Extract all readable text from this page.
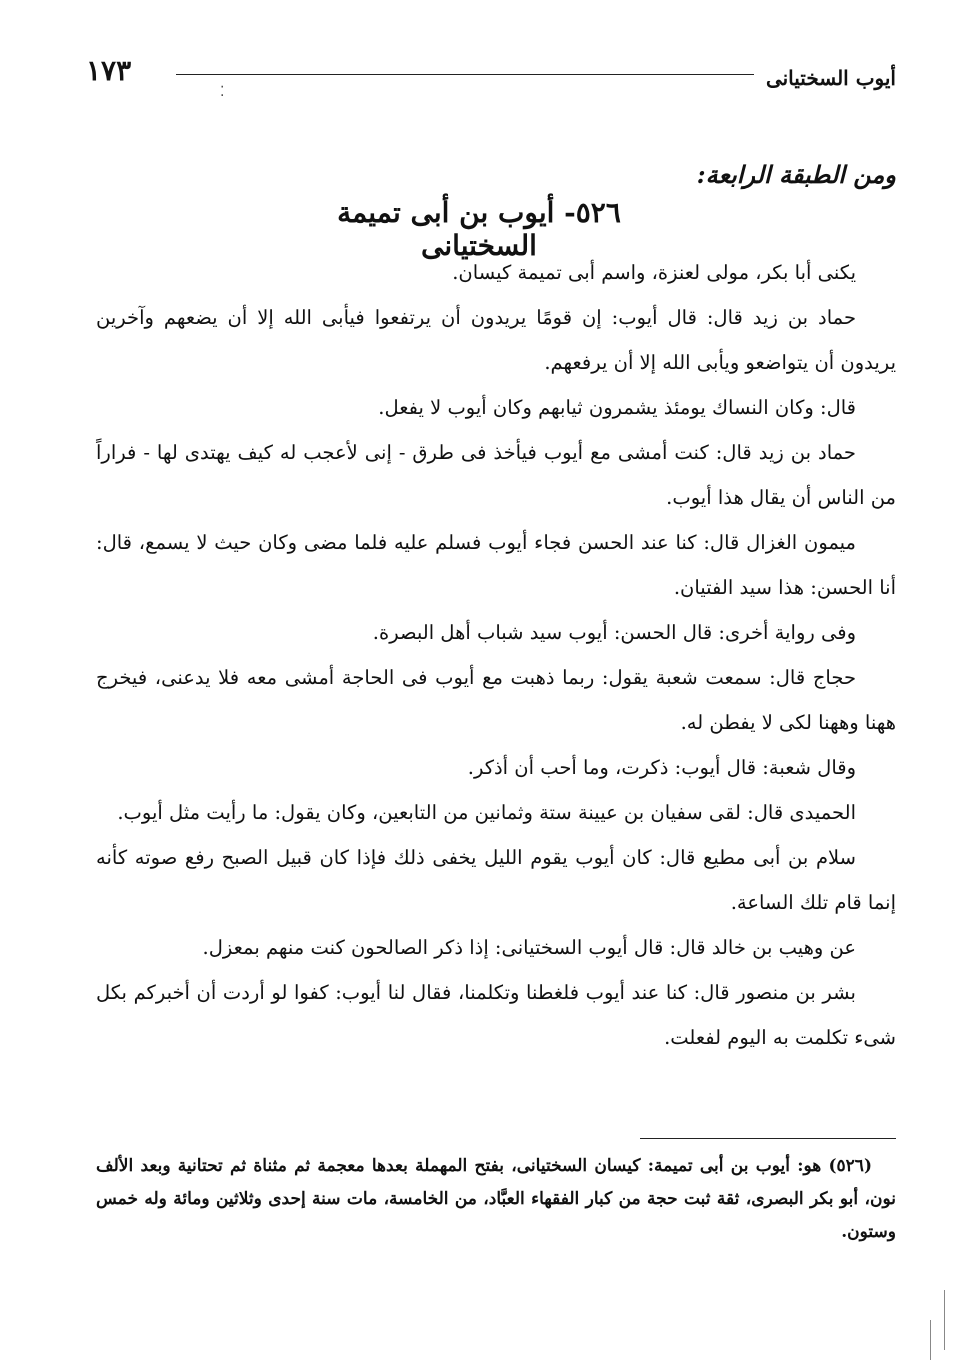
١٧٣	أيوب السختيانى
⁚
ومن الطبقة الرابعة:
٥٢٦- أيوب بن أبى تميمة السختيانى

يكنى أبا بكر، مولى لعنزة، واسم أبى تميمة كيسان.

حماد بن زيد قال: قال أيوب: إن قومًا يريدون أن يرتفعوا فيأبى الله إلا أن يضعهم وآخرين يريدون أن يتواضعو ويأبى الله إلا أن يرفعهم.

قال: وكان النساك يومئذ يشمرون ثيابهم وكان أيوب لا يفعل.

حماد بن زيد قال: كنت أمشى مع أيوب فيأخذ فى طرق - إنى لأعجب له كيف يهتدى لها - فراراً من الناس أن يقال هذا أيوب.

ميمون الغزال قال: كنا عند الحسن فجاء أيوب فسلم عليه فلما مضى وكان حيث لا يسمع، قال: أنا الحسن: هذا سيد الفتيان.

وفى رواية أخرى: قال الحسن: أيوب سيد شباب أهل البصرة.

حجاج قال: سمعت شعبة يقول: ربما ذهبت مع أيوب فى الحاجة أمشى معه فلا يدعنى، فيخرج ههنا وههنا لكى لا يفطن له.

وقال شعبة: قال أيوب: ذكرت، وما أحب أن أذكر.

الحميدى قال: لقى سفيان بن عيينة ستة وثمانين من التابعين، وكان يقول: ما رأيت مثل أيوب.

سلام بن أبى مطيع قال: كان أيوب يقوم الليل يخفى ذلك فإذا كان قبيل الصبح رفع صوته كأنه إنما قام تلك الساعة.

عن وهيب بن خالد قال: قال أيوب السختيانى: إذا ذكر الصالحون كنت منهم بمعزل.

بشر بن منصور قال: كنا عند أيوب فلغطنا وتكلمنا، فقال لنا أيوب: كفوا لو أردت أن أخبركم بكل شىء تكلمت به اليوم لفعلت.

(٥٢٦) هو: أيوب بن أبى تميمة: كيسان السختيانى، بفتح المهملة بعدها معجمة ثم مثناة ثم تحتانية وبعد الألف نون، أبو بكر البصرى، ثقة ثبت حجة من كبار الفقهاء العبَّاد، من الخامسة، مات سنة إحدى وثلاثين ومائة وله خمس وستون.
